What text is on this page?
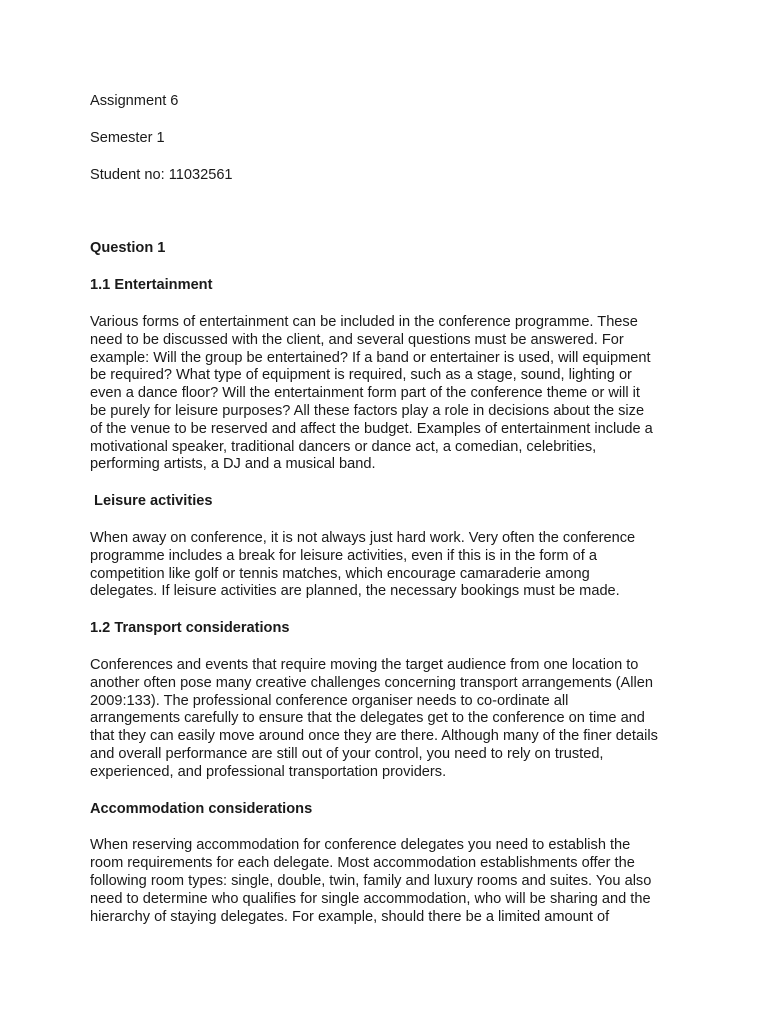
Assignment 6
Semester 1
Student no: 11032561
Question 1
1.1 Entertainment
Various forms of entertainment can be included in the conference programme. These
need to be discussed with the client, and several questions must be answered. For
example: Will the group be entertained? If a band or entertainer is used, will equipment
be required? What type of equipment is required, such as a stage, sound, lighting or
even a dance floor? Will the entertainment form part of the conference theme or will it
be purely for leisure purposes? All these factors play a role in decisions about the size
of the venue to be reserved and affect the budget. Examples of entertainment include a
motivational speaker, traditional dancers or dance act, a comedian, celebrities,
performing artists, a DJ and a musical band.
Leisure activities
When away on conference, it is not always just hard work. Very often the conference
programme includes a break for leisure activities, even if this is in the form of a
competition like golf or tennis matches, which encourage camaraderie among
delegates. If leisure activities are planned, the necessary bookings must be made.
1.2 Transport considerations
Conferences and events that require moving the target audience from one location to
another often pose many creative challenges concerning transport arrangements (Allen
2009:133). The professional conference organiser needs to co-ordinate all
arrangements carefully to ensure that the delegates get to the conference on time and
that they can easily move around once they are there. Although many of the finer details
and overall performance are still out of your control, you need to rely on trusted,
experienced, and professional transportation providers.
Accommodation considerations
When reserving accommodation for conference delegates you need to establish the
room requirements for each delegate. Most accommodation establishments offer the
following room types: single, double, twin, family and luxury rooms and suites. You also
need to determine who qualifies for single accommodation, who will be sharing and the
hierarchy of staying delegates. For example, should there be a limited amount of
